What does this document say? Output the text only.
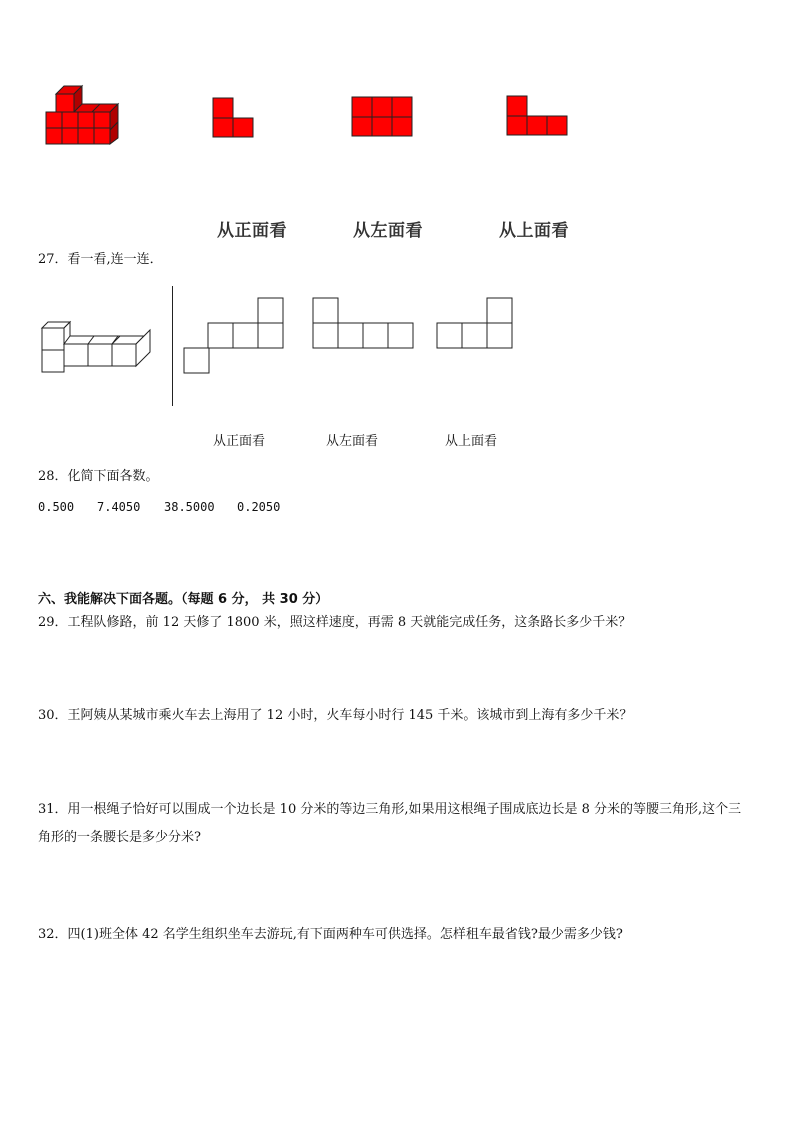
从正面看	从左面看	从上面看
27．看一看,连一连．
从正面看	从左面看	从上面看
28．化简下面各数。
0.500 7.4050 38.5000 0.2050
六、我能解决下面各题。（每题 6 分， 共 30 分）
29．工程队修路，前 12 天修了 1800 米，照这样速度，再需 8 天就能完成任务，这条路长多少千米？
30．王阿姨从某城市乘火车去上海用了 12 小时，火车每小时行 145 千米。该城市到上海有多少千米？
31．用一根绳子恰好可以围成一个边长是 10 分米的等边三角形,如果用这根绳子围成底边长是 8 分米的等腰三角形,这个三角形的一条腰长是多少分米?
32．四(1)班全体 42 名学生组织坐车去游玩,有下面两种车可供选择。怎样租车最省钱?最少需多少钱?
